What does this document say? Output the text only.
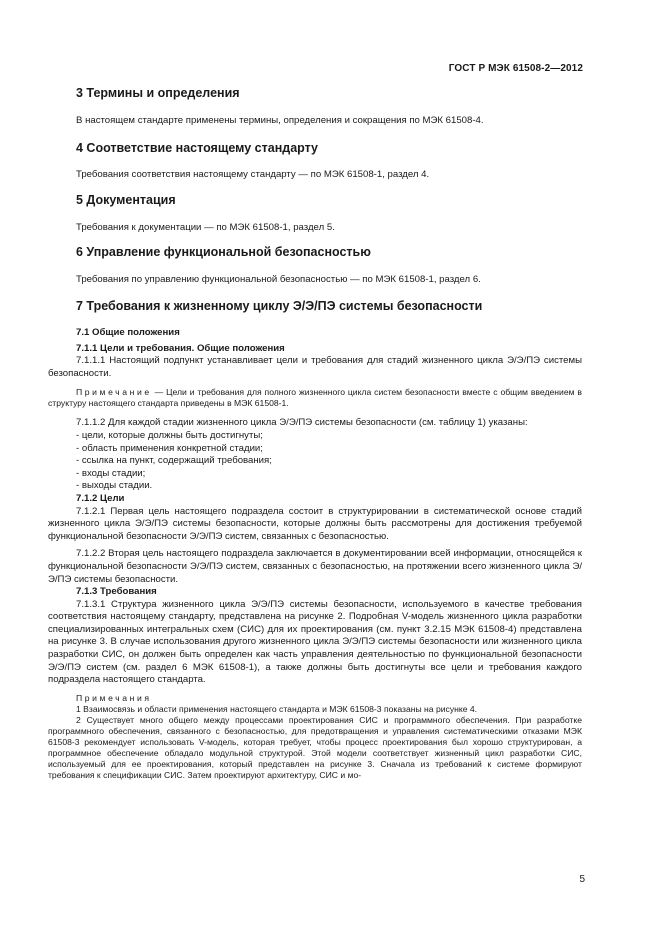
ГОСТ Р МЭК 61508-2—2012
3 Термины и определения
В настоящем стандарте применены термины, определения и сокращения по МЭК 61508-4.
4 Соответствие настоящему стандарту
Требования соответствия настоящему стандарту — по МЭК 61508-1, раздел 4.
5 Документация
Требования к документации — по МЭК 61508-1, раздел 5.
6 Управление функциональной безопасностью
Требования по управлению функциональной безопасностью — по МЭК 61508-1, раздел 6.
7 Требования к жизненному циклу Э/Э/ПЭ системы безопасности

7.1 Общие положения

7.1.1 Цели и требования. Общие положения

7.1.1.1 Настоящий подпункт устанавливает цели и требования для стадий жизненного цикла Э/Э/ПЭ системы безопасности.

Примечание — Цели и требования для полного жизненного цикла систем безопасности вместе с общим введением в структуру настоящего стандарта приведены в МЭК 61508-1.

7.1.1.2 Для каждой стадии жизненного цикла Э/Э/ПЭ системы безопасности (см. таблицу 1) указаны:

- цели, которые должны быть достигнуты;

- область применения конкретной стадии;

- ссылка на пункт, содержащий требования;

- входы стадии;

- выходы стадии.

7.1.2 Цели

7.1.2.1 Первая цель настоящего подраздела состоит в структурировании в систематической основе стадий жизненного цикла Э/Э/ПЭ системы безопасности, которые должны быть рассмотрены для достижения требуемой функциональной безопасности Э/Э/ПЭ систем, связанных с безопасностью.

7.1.2.2 Вторая цель настоящего подраздела заключается в документировании всей информации, относящейся к функциональной безопасности Э/Э/ПЭ систем, связанных с безопасностью, на протяжении всего жизненного цикла Э/Э/ПЭ системы безопасности.

7.1.3 Требования

7.1.3.1 Структура жизненного цикла Э/Э/ПЭ системы безопасности, используемого в качестве требования соответствия настоящему стандарту, представлена на рисунке 2. Подробная V-модель жизненного цикла разработки специализированных интегральных схем (СИС) для их проектирования (см. пункт 3.2.15 МЭК 61508-4) представлена на рисунке 3. В случае использования другого жизненного цикла Э/Э/ПЭ системы безопасности или жизненного цикла разработки СИС, он должен быть определен как часть управления деятельностью по функциональной безопасности Э/Э/ПЭ систем (см. раздел 6 МЭК 61508-1), а также должны быть достигнуты все цели и требования каждого подраздела настоящего стандарта.

Примечания

1 Взаимосвязь и области применения настоящего стандарта и МЭК 61508-3 показаны на рисунке 4.

2 Существует много общего между процессами проектирования СИС и программного обеспечения. При разработке программного обеспечения, связанного с безопасностью, для предотвращения и управления систематическими отказами МЭК 61508-3 рекомендует использовать V-модель, которая требует, чтобы процесс проектирования был хорошо структурирован, а программное обеспечение обладало модульной структурой. Этой модели соответствует жизненный цикл разработки СИС, используемый для ее проектирования, который представлен на рисунке 3. Сначала из требований к системе формируют требования к спецификации СИС. Затем проектируют архитектуру, СИС и мо-

5
